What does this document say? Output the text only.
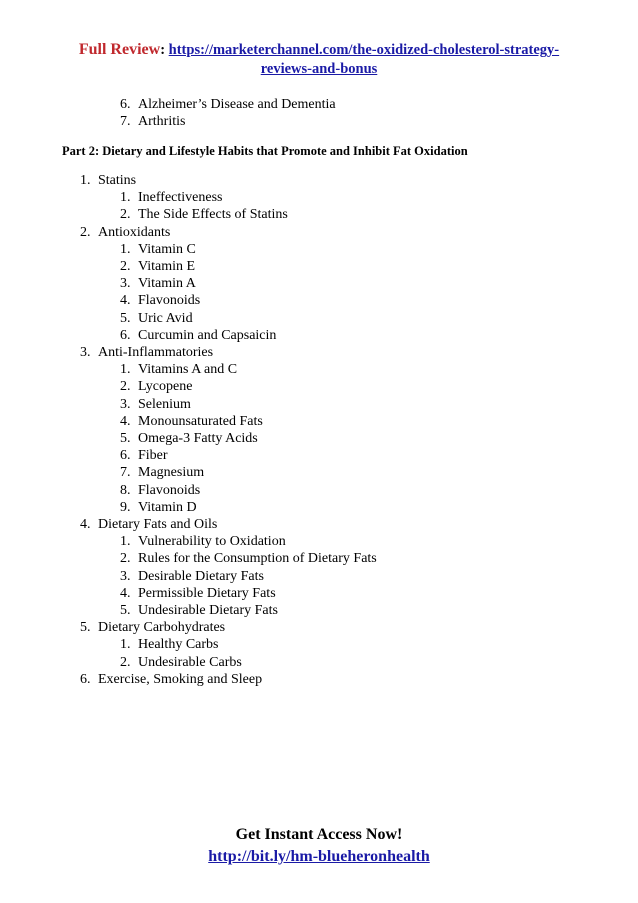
Full Review: https://marketerchannel.com/the-oxidized-cholesterol-strategy-
reviews-and-bonus
6. Alzheimer’s Disease and Dementia
7. Arthritis
Part 2: Dietary and Lifestyle Habits that Promote and Inhibit Fat Oxidation
1. Statins
1. Ineffectiveness
2. The Side Effects of Statins
2. Antioxidants
1. Vitamin C
2. Vitamin E
3. Vitamin A
4. Flavonoids
5. Uric Avid
6. Curcumin and Capsaicin
3. Anti-Inflammatories
1. Vitamins A and C
2. Lycopene
3. Selenium
4. Monounsaturated Fats
5. Omega-3 Fatty Acids
6. Fiber
7. Magnesium
8. Flavonoids
9. Vitamin D
4. Dietary Fats and Oils
1. Vulnerability to Oxidation
2. Rules for the Consumption of Dietary Fats
3. Desirable Dietary Fats
4. Permissible Dietary Fats
5. Undesirable Dietary Fats
5. Dietary Carbohydrates
1. Healthy Carbs
2. Undesirable Carbs
6. Exercise, Smoking and Sleep
Get Instant Access Now!
http://bit.ly/hm-blueheronhealth
